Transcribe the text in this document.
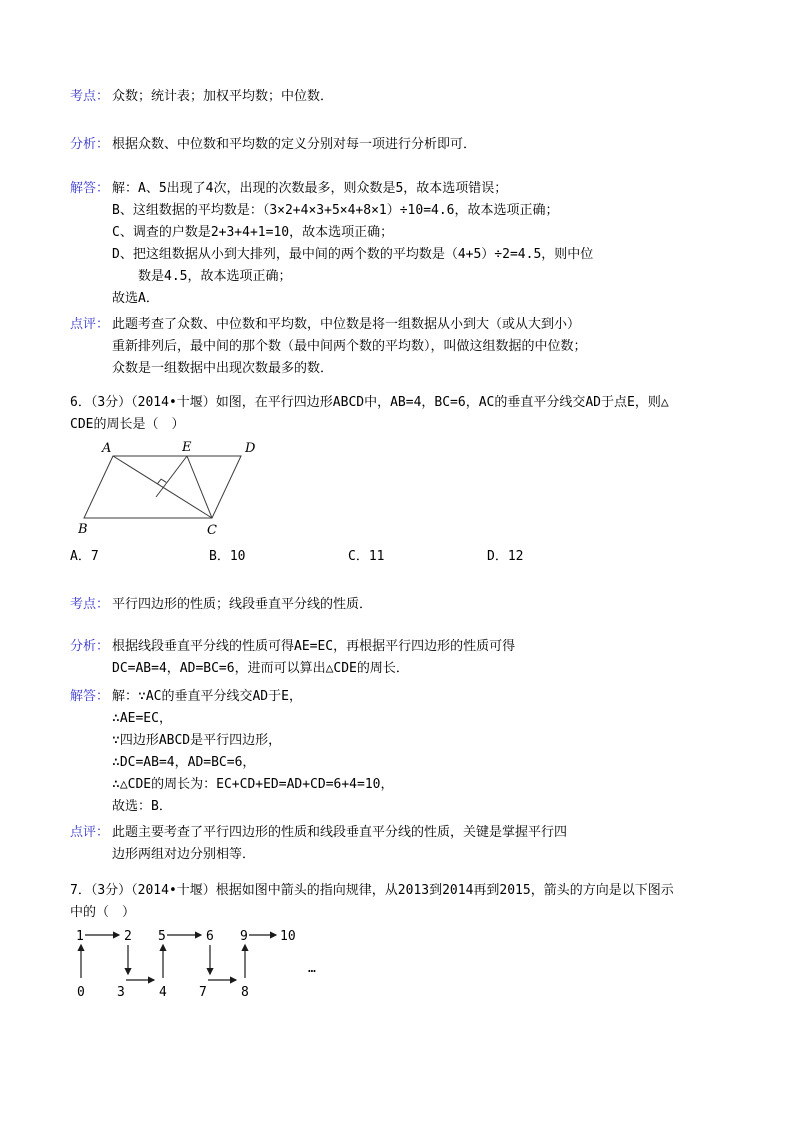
考点： 众数；统计表；加权平均数；中位数．
分析： 根据众数、中位数和平均数的定义分别对每一项进行分析即可．
解答： 解：A、5出现了4次，出现的次数最多，则众数是5，故本选项错误；
B、这组数据的平均数是：（3×2+4×3+5×4+8×1）÷10=4.6，故本选项正确；
C、调查的户数是2+3+4+1=10，故本选项正确；
D、把这组数据从小到大排列，最中间的两个数的平均数是（4+5）÷2=4.5，则中位
数是4.5，故本选项正确；
故选A．
点评： 此题考查了众数、中位数和平均数，中位数是将一组数据从小到大（或从大到小）
重新排列后，最中间的那个数（最中间两个数的平均数），叫做这组数据的中位数；
众数是一组数据中出现次数最多的数．
6．（3分）（2014•十堰）如图，在平行四边形ABCD中，AB=4，BC=6，AC的垂直平分线交AD于点E，则△
CDE的周长是（　）
A	E	D
B	C
A．7	B．10	C．11	D．12
考点： 平行四边形的性质；线段垂直平分线的性质．
分析： 根据线段垂直平分线的性质可得AE=EC，再根据平行四边形的性质可得
DC=AB=4，AD=BC=6，进而可以算出△CDE的周长．
解答： 解：∵AC的垂直平分线交AD于E，
∴AE=EC，
∵四边形ABCD是平行四边形，
∴DC=AB=4，AD=BC=6，
∴△CDE的周长为：EC+CD+ED=AD+CD=6+4=10，
故选：B．
点评： 此题主要考查了平行四边形的性质和线段垂直平分线的性质，关键是掌握平行四
边形两组对边分别相等．
7．（3分）（2014•十堰）根据如图中箭头的指向规律，从2013到2014再到2015，箭头的方向是以下图示
中的（　）
1	2 5	6 9 10
0 3	4 7	8
…
